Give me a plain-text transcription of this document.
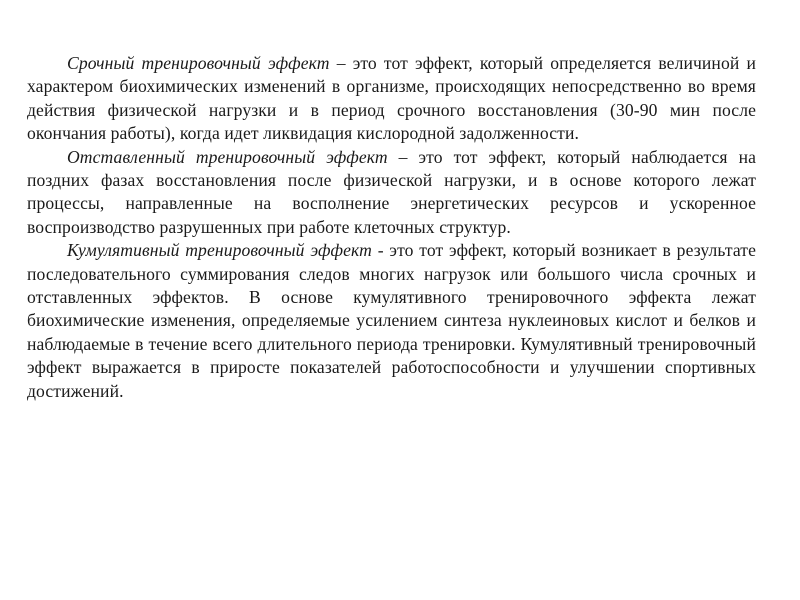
Срочный тренировочный эффект – это тот эффект, который определяется величиной и характером биохимических изменений в организме, происходящих непосредственно во время действия физической нагрузки и в период срочного восстановления (30-90 мин после окончания работы), когда идет ликвидация кислородной задолженности.

Отставленный тренировочный эффект – это тот эффект, который наблюдается на поздних фазах восстановления после физической нагрузки, и в основе которого лежат процессы, направленные на восполнение энергетических ресурсов и ускоренное воспроизводство разрушенных при работе клеточных структур.

Кумулятивный тренировочный эффект - это тот эффект, который возникает в результате последовательного суммирования следов многих нагрузок или большого числа срочных и отставленных эффектов. В основе кумулятивного тренировочного эффекта лежат биохимические изменения, определяемые усилением синтеза нуклеиновых кислот и белков и наблюдаемые в течение всего длительного периода тренировки. Кумулятивный тренировочный эффект выражается в приросте показателей работоспособности и улучшении спортивных достижений.
